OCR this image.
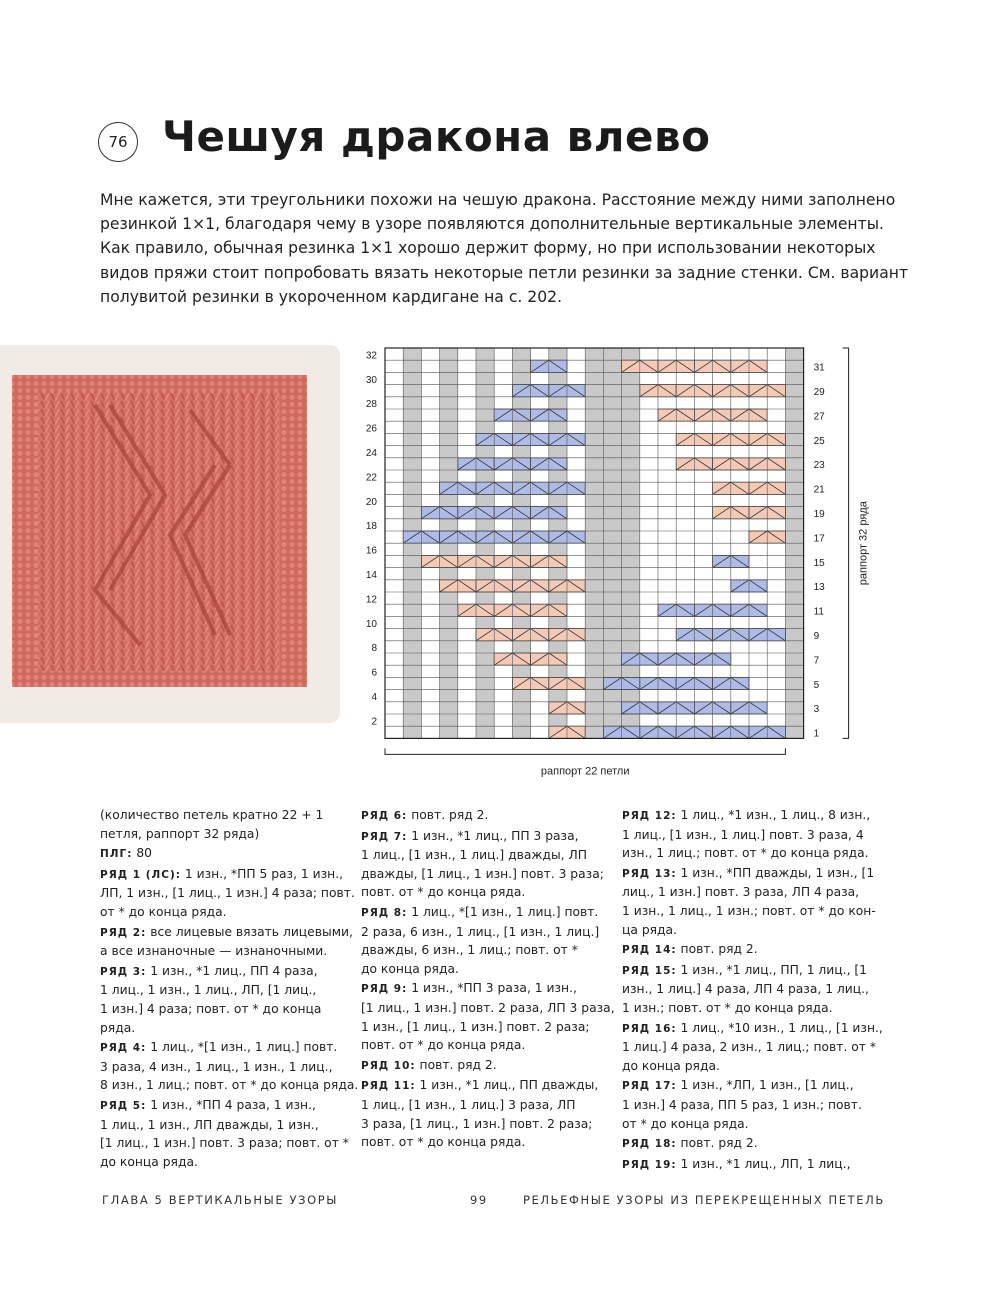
76 Чешуя дракона влево
Мне кажется, эти треугольники похожи на чешую дракона. Расстояние между ними заполнено
резинкой 1×1, благодаря чему в узоре появляются дополнительные вертикальные элементы.
Как правило, обычная резинка 1×1 хорошо держит форму, но при использовании некоторых
видов пряжи стоит попробовать вязать некоторые петли резинки за задние стенки. См. вариант
полувитой резинки в укороченном кардигане на с. 202.
32
30
28
26
24
22
20
18
16
14
12
10
8
6
4
2
31
29
27
25
23
21
19
17
15
13
11
9
7
5
3
1
раппорт 22 петли
раппорт 32 ряда
(количество петель кратно 22 + 1
петля, раппорт 32 ряда)
ПЛГ: 80
РЯД 1 (ЛС): 1 изн., *ПП 5 раз, 1 изн.,
ЛП, 1 изн., [1 лиц., 1 изн.] 4 раза; повт.
от * до конца ряда.
РЯД 2: все лицевые вязать лицевыми,
а все изнаночные — изнаночными.
РЯД 3: 1 изн., *1 лиц., ПП 4 раза,
1 лиц., 1 изн., 1 лиц., ЛП, [1 лиц.,
1 изн.] 4 раза; повт. от * до конца
ряда.
РЯД 4: 1 лиц., *[1 изн., 1 лиц.] повт.
3 раза, 4 изн., 1 лиц., 1 изн., 1 лиц.,
8 изн., 1 лиц.; повт. от * до конца ряда.
РЯД 5: 1 изн., *ПП 4 раза, 1 изн.,
1 лиц., 1 изн., ЛП дважды, 1 изн.,
[1 лиц., 1 изн.] повт. 3 раза; повт. от *
до конца ряда.
РЯД 6: повт. ряд 2.
РЯД 7: 1 изн., *1 лиц., ПП 3 раза,
1 лиц., [1 изн., 1 лиц.] дважды, ЛП
дважды, [1 лиц., 1 изн.] повт. 3 раза;
повт. от * до конца ряда.
РЯД 8: 1 лиц., *[1 изн., 1 лиц.] повт.
2 раза, 6 изн., 1 лиц., [1 изн., 1 лиц.]
дважды, 6 изн., 1 лиц.; повт. от *
до конца ряда.
РЯД 9: 1 изн., *ПП 3 раза, 1 изн.,
[1 лиц., 1 изн.] повт. 2 раза, ЛП 3 раза,
1 изн., [1 лиц., 1 изн.] повт. 2 раза;
повт. от * до конца ряда.
РЯД 10: повт. ряд 2.
РЯД 11: 1 изн., *1 лиц., ПП дважды,
1 лиц., [1 изн., 1 лиц.] 3 раза, ЛП
3 раза, [1 лиц., 1 изн.] повт. 2 раза;
повт. от * до конца ряда.
РЯД 12: 1 лиц., *1 изн., 1 лиц., 8 изн.,
1 лиц., [1 изн., 1 лиц.] повт. 3 раза, 4
изн., 1 лиц.; повт. от * до конца ряда.
РЯД 13: 1 изн., *ПП дважды, 1 изн., [1
лиц., 1 изн.] повт. 3 раза, ЛП 4 раза,
1 изн., 1 лиц., 1 изн.; повт. от * до кон-
ца ряда.
РЯД 14: повт. ряд 2.
РЯД 15: 1 изн., *1 лиц., ПП, 1 лиц., [1
изн., 1 лиц.] 4 раза, ЛП 4 раза, 1 лиц.,
1 изн.; повт. от * до конца ряда.
РЯД 16: 1 лиц., *10 изн., 1 лиц., [1 изн.,
1 лиц.] 4 раза, 2 изн., 1 лиц.; повт. от *
до конца ряда.
РЯД 17: 1 изн., *ЛП, 1 изн., [1 лиц.,
1 изн.] 4 раза, ПП 5 раз, 1 изн.; повт.
от * до конца ряда.
РЯД 18: повт. ряд 2.
РЯД 19: 1 изн., *1 лиц., ЛП, 1 лиц.,
ГЛАВА 5 ВЕРТИКАЛЬНЫЕ УЗОРЫ	99	РЕЛЬЕФНЫЕ УЗОРЫ ИЗ ПЕРЕКРЕЩЕННЫХ ПЕТЕЛЬ
